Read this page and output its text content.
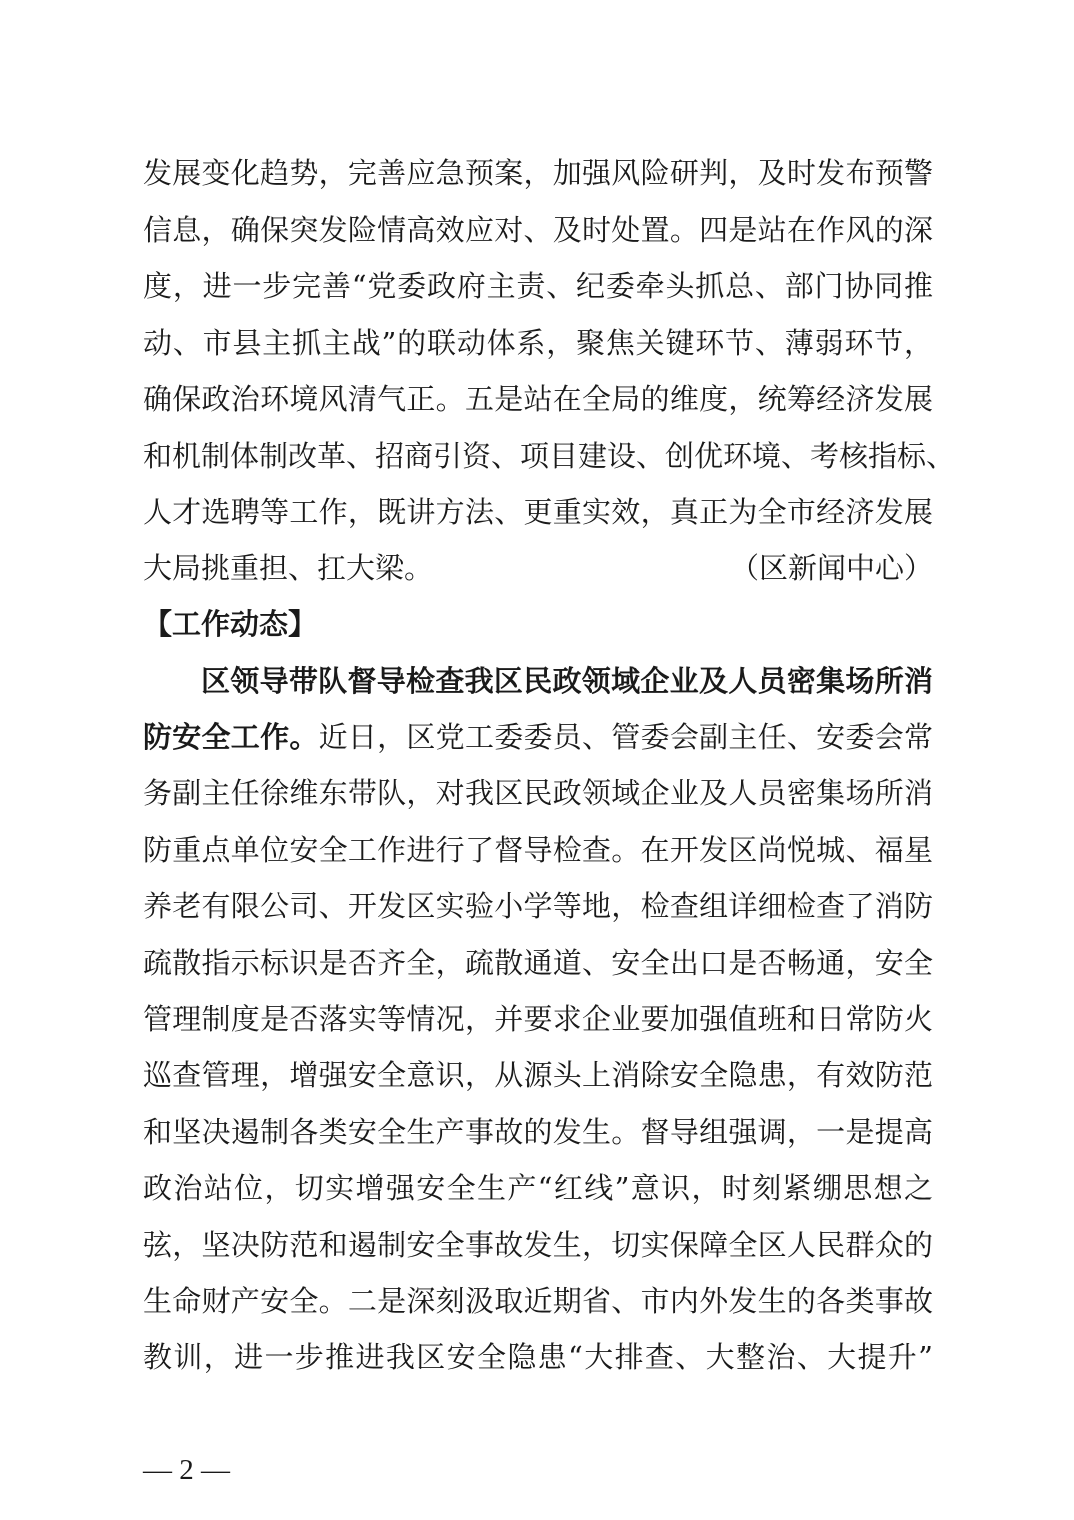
发展变化趋势，完善应急预案，加强风险研判，及时发布预警
信息，确保突发险情高效应对、及时处置。四是站在作风的深
度，进一步完善“党委政府主责、纪委牵头抓总、部门协同推
动、市县主抓主战”的联动体系，聚焦关键环节、薄弱环节，
确保政治环境风清气正。五是站在全局的维度，统筹经济发展
和机制体制改革、招商引资、项目建设、创优环境、考核指标、
人才选聘等工作，既讲方法、更重实效，真正为全市经济发展
大局挑重担、扛大梁。	（区新闻中心）
【工作动态】
区领导带队督导检查我区民政领域企业及人员密集场所消
防安全工作。近日，区党工委委员、管委会副主任、安委会常
务副主任徐维东带队，对我区民政领域企业及人员密集场所消
防重点单位安全工作进行了督导检查。在开发区尚悦城、福星
养老有限公司、开发区实验小学等地，检查组详细检查了消防
疏散指示标识是否齐全，疏散通道、安全出口是否畅通，安全
管理制度是否落实等情况，并要求企业要加强值班和日常防火
巡查管理，增强安全意识，从源头上消除安全隐患，有效防范
和坚决遏制各类安全生产事故的发生。督导组强调，一是提高
政治站位，切实增强安全生产“红线”意识，时刻紧绷思想之
弦，坚决防范和遏制安全事故发生，切实保障全区人民群众的
生命财产安全。二是深刻汲取近期省、市内外发生的各类事故
教训，进一步推进我区安全隐患“大排查、大整治、大提升”
— 2 —
